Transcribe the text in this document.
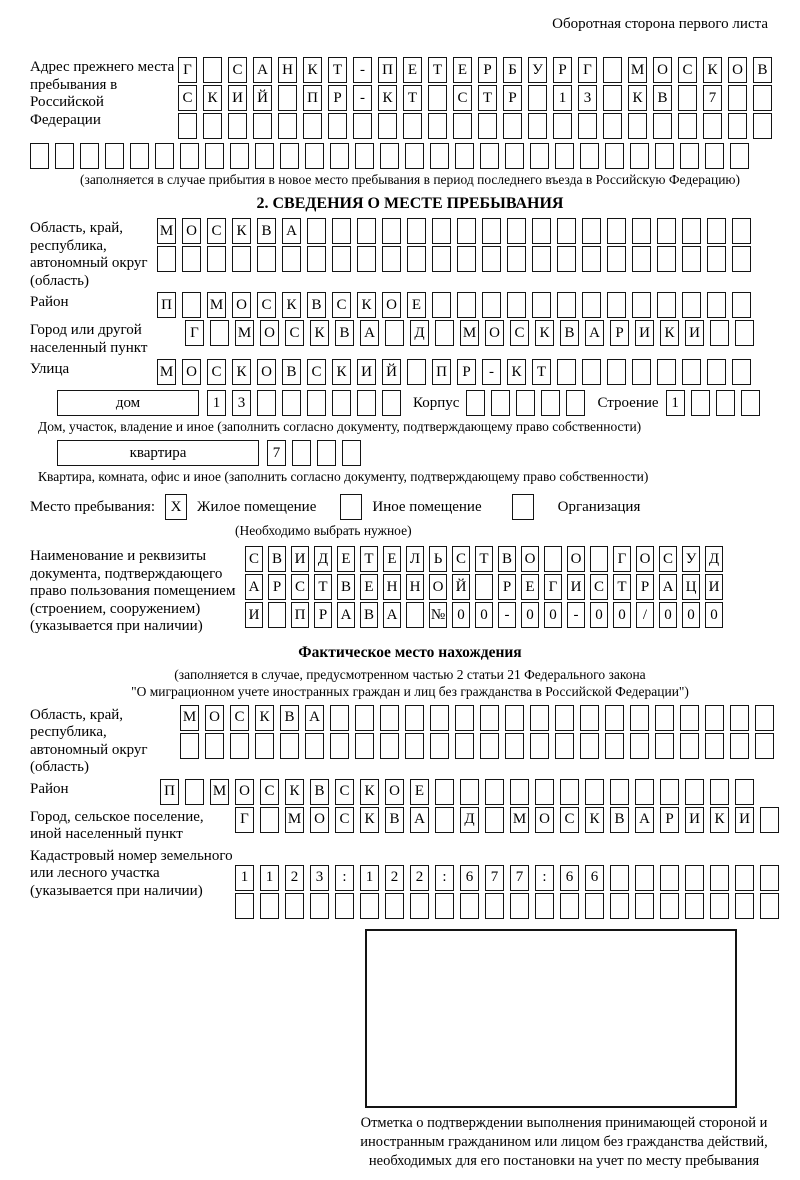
Оборотная сторона первого листа
Адрес прежнего места пребывания в Российской Федерации
Г	С А Н К	Т	-	П Е	Т	Е	Р	Б	У	Р	Г	М О С К О В
С К И Й	П	Р	-	К	Т	С	Т	Р	1	3	К В	7
(заполняется в случае прибытия в новое место пребывания в период последнего въезда в Российскую Федерацию)
2. СВЕДЕНИЯ О МЕСТЕ ПРЕБЫВАНИЯ
Область, край, республика, автономный округ (область)
М О С К В А
Район	П	М О С К В С К О Е
Город или другой населенный пункт
Г	М О С К В А	Д	М О С К В А	Р	И К И
Улица	М О С К О В С К И Й	П	Р	-	К	Т
дом	1	3	Корпус	Строение 1
Дом, участок, владение и иное (заполнить согласно документу, подтверждающему право собственности)
квартира	7
Квартира, комната, офис и иное (заполнить согласно документу, подтверждающему право собственности)
Место пребывания:	X	Жилое помещение	Иное помещение	Организация
(Необходимо выбрать нужное)
Наименование и реквизиты документа, подтверждающего право пользования помещением (строением, сооружением) (указывается при наличии)
С В И Д Е Т Е Л Ь С Т В О О	Г О С У Д
А Р С Т В Е Н Н О Й	Р Е Г И С Т Р А Ц И
И П Р А В А № 0	0	-	0	0	-	0	0	/	0	0	0
Фактическое место нахождения
(заполняется в случае, предусмотренном частью 2 статьи 21 Федерального закона
"О миграционном учете иностранных граждан и лиц без гражданства в Российской Федерации")
Область, край, республика, автономный округ (область)
М О С К В А
Район	П	М О С К В С К О Е
Город, сельское поселение, иной населенный пункт
Г	М О С К В А	Д	М О С К В А	Р	И К И
Кадастровый номер земельного или лесного участка (указывается при наличии)
1	1	2	3	:	1	2	2	:	6	7	7	:	6	6
Отметка о подтверждении выполнения принимающей стороной и иностранным гражданином или лицом без гражданства действий, необходимых для его постановки на учет по месту пребывания
